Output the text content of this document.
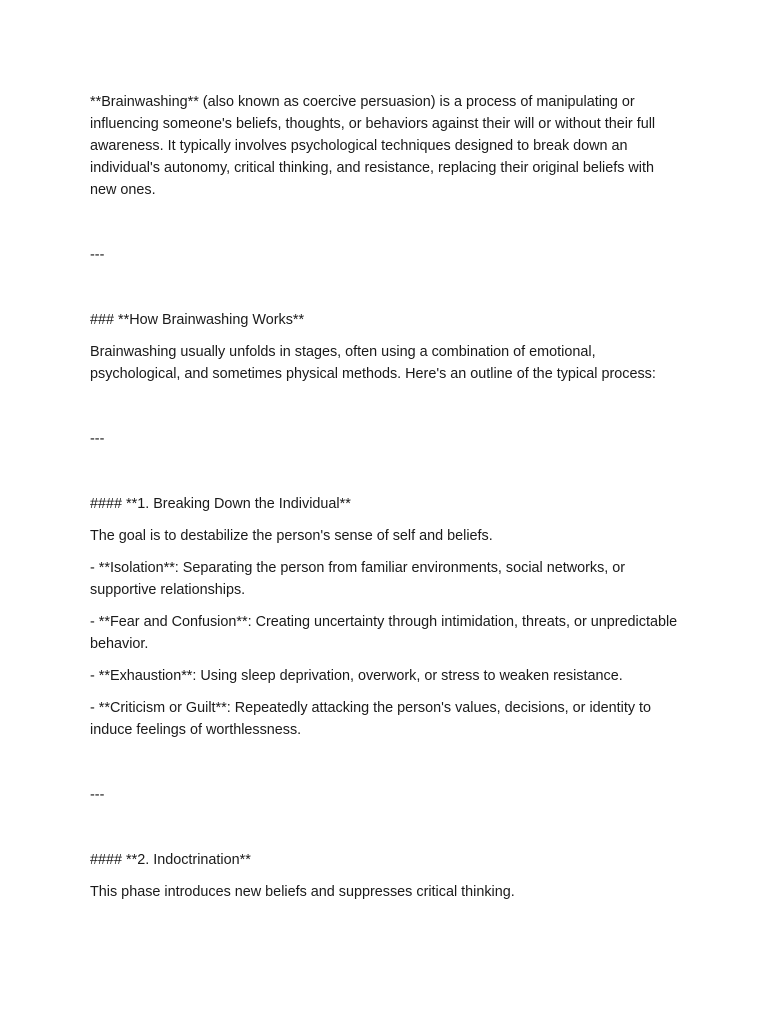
**Brainwashing** (also known as coercive persuasion) is a process of manipulating or influencing someone's beliefs, thoughts, or behaviors against their will or without their full awareness. It typically involves psychological techniques designed to break down an individual's autonomy, critical thinking, and resistance, replacing their original beliefs with new ones.

---

### **How Brainwashing Works**

Brainwashing usually unfolds in stages, often using a combination of emotional, psychological, and sometimes physical methods. Here's an outline of the typical process:

---

#### **1. Breaking Down the Individual**

The goal is to destabilize the person's sense of self and beliefs.

- **Isolation**: Separating the person from familiar environments, social networks, or supportive relationships.

- **Fear and Confusion**: Creating uncertainty through intimidation, threats, or unpredictable behavior.

- **Exhaustion**: Using sleep deprivation, overwork, or stress to weaken resistance.

- **Criticism or Guilt**: Repeatedly attacking the person's values, decisions, or identity to induce feelings of worthlessness.

---

#### **2. Indoctrination**

This phase introduces new beliefs and suppresses critical thinking.
